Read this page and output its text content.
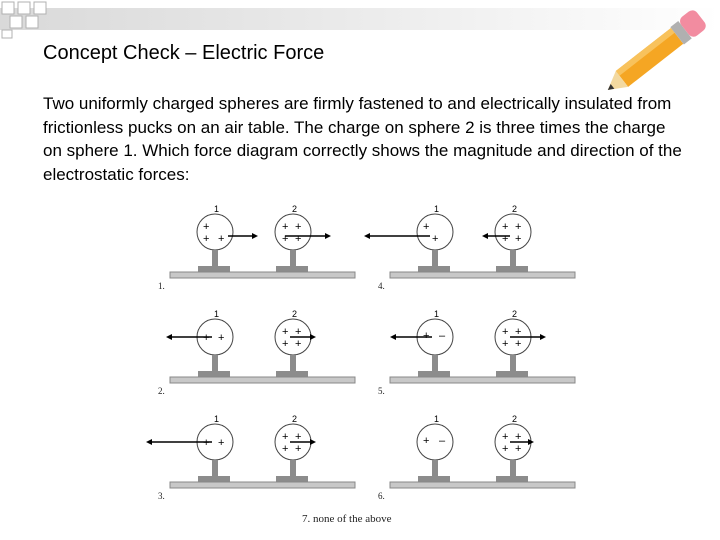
Concept Check – Electric Force
Two uniformly charged spheres are firmly fastened to and electrically insulated from frictionless pucks on an air table. The charge on sphere 2 is three times the charge on sphere 1. Which force diagram correctly shows the magnitude and direction of the electrostatic forces:
1	2
+
+ +
+
+
+
+
1.
1	2
+
+
+
+
+
+
4.
1	2
+ +	+
+
+
+
2.
1	2
+ –	+
+
+
+
5.
1	2
+ +	+
+
+
+
3.
1	2
+ –	+
+
+
+
6.
7. none of the above
